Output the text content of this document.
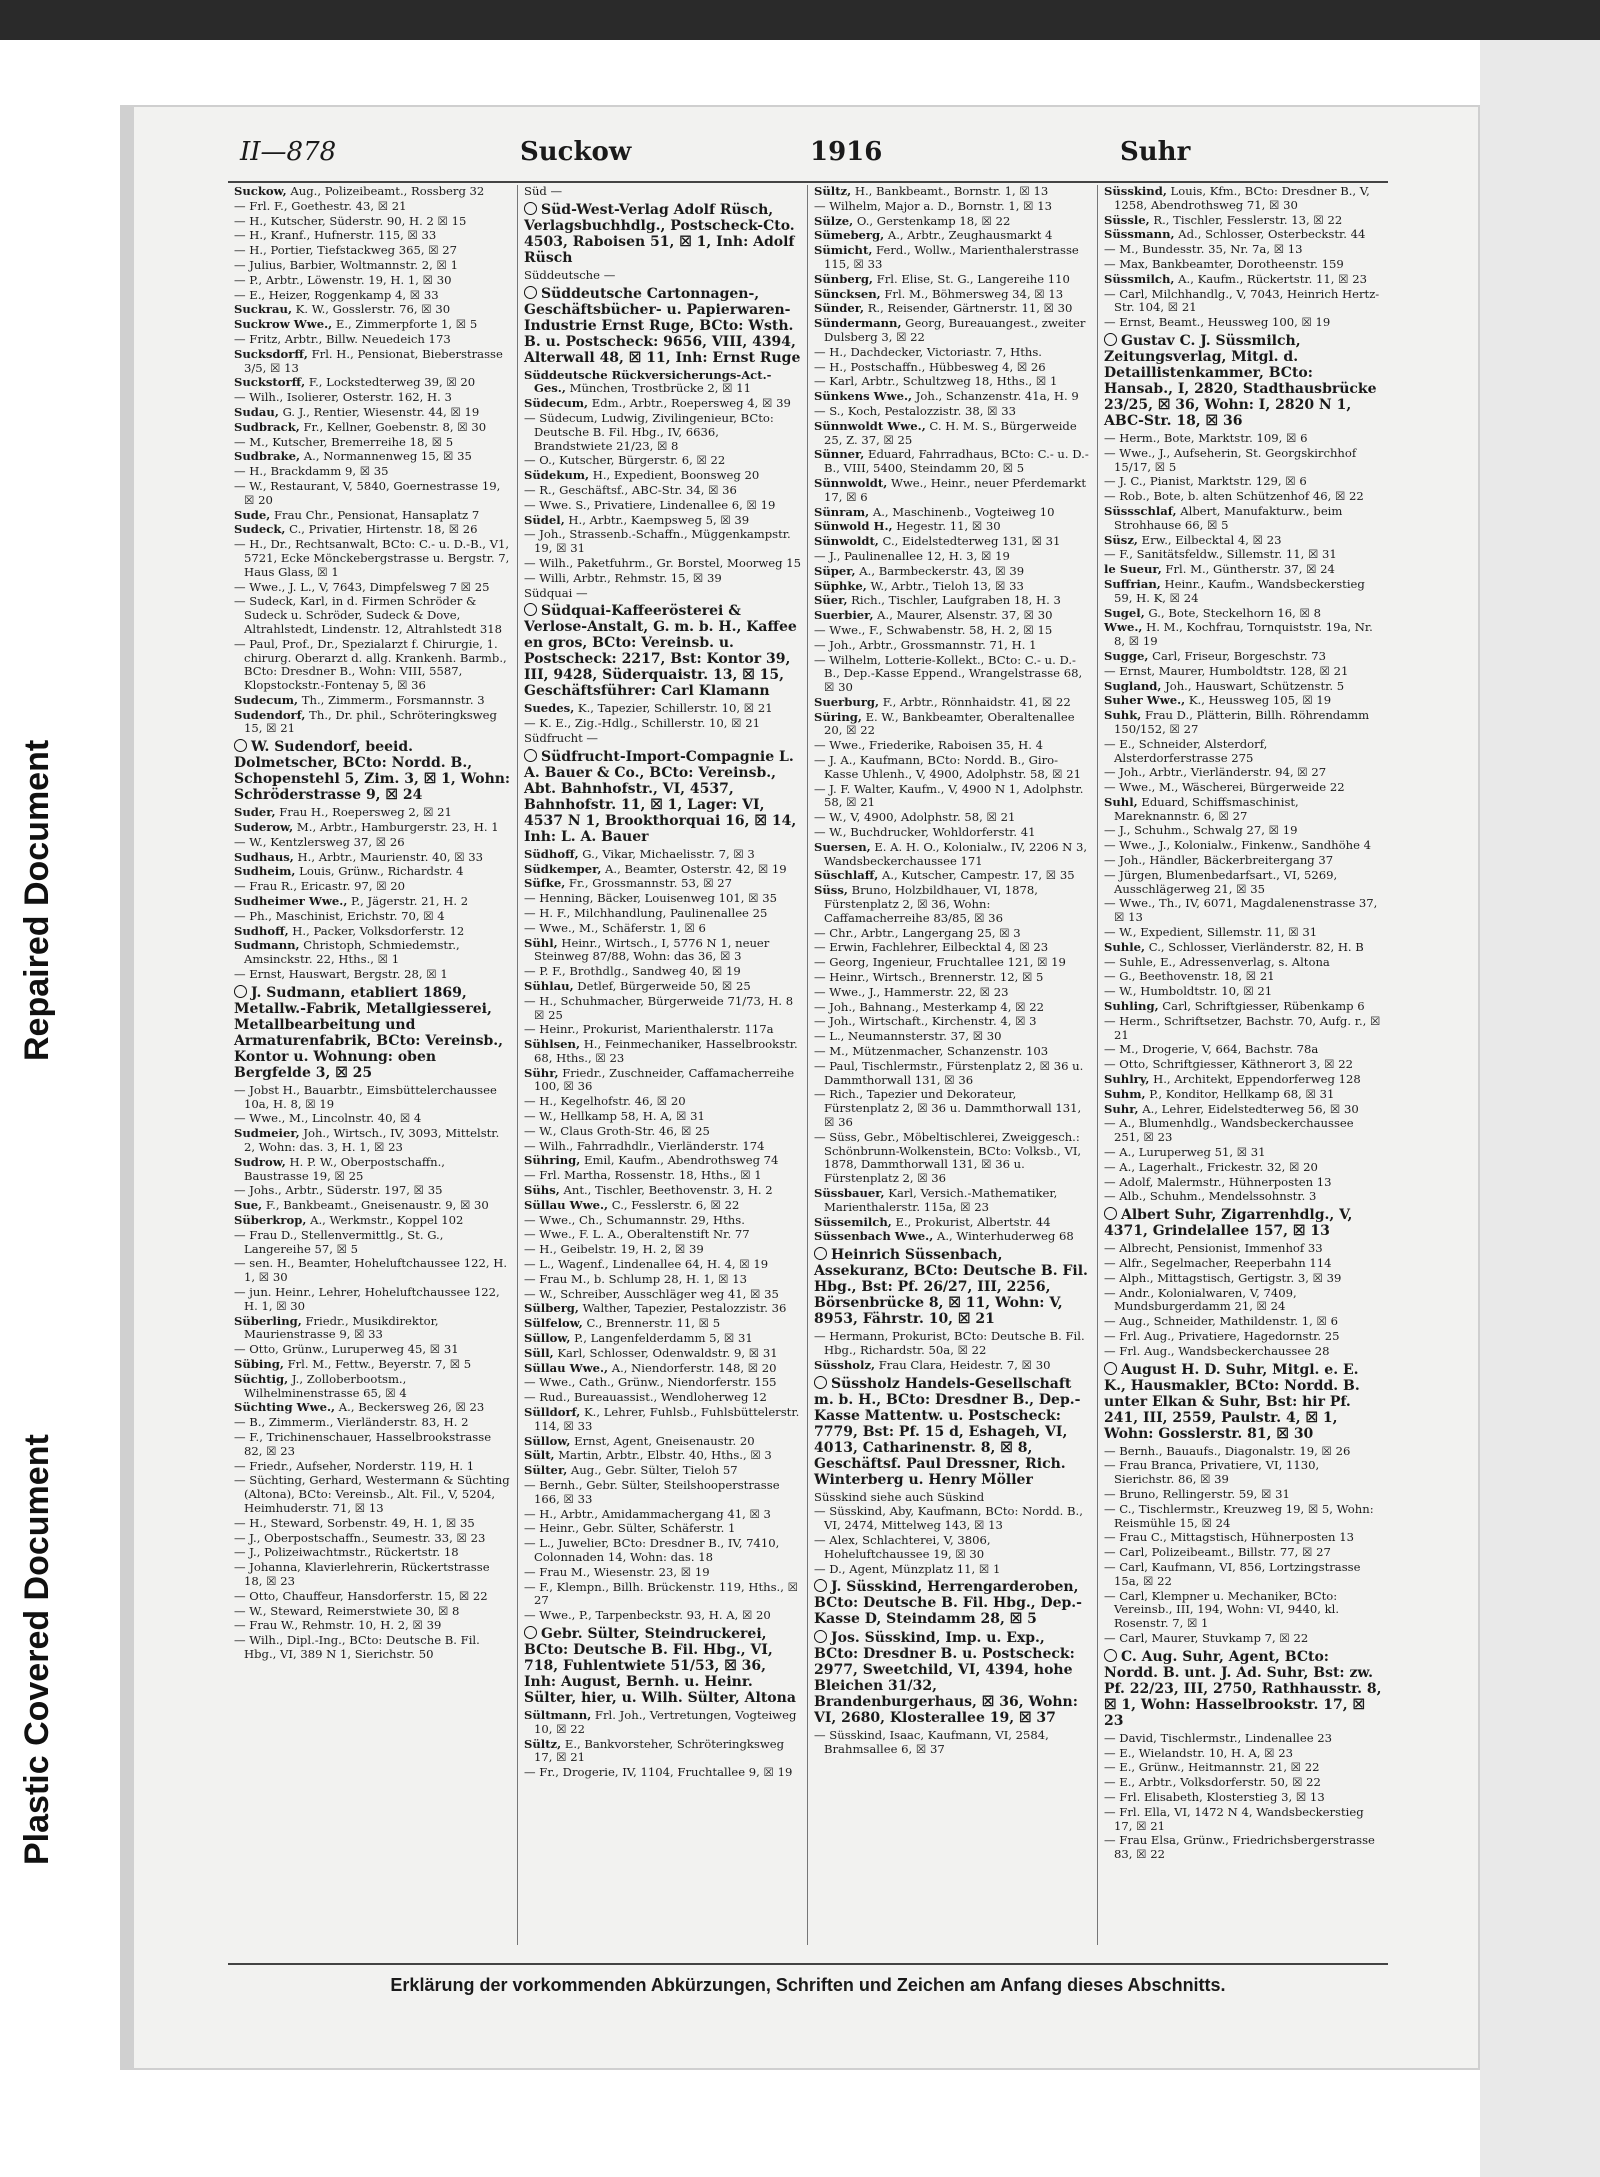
Repaired Document
Plastic Covered Document
II—878	Suckow	1916	Suhr
Suckow, Aug., Polizeibeamt., Rossberg 32
— Frl. F., Goethestr. 43, ☒ 21
— H., Kutscher, Süderstr. 90, H. 2 ☒ 15
— H., Kranf., Hufnerstr. 115, ☒ 33
— H., Portier, Tiefstackweg 365, ☒ 27
— Julius, Barbier, Woltmannstr. 2, ☒ 1
— P., Arbtr., Löwenstr. 19, H. 1, ☒ 30
— E., Heizer, Roggenkamp 4, ☒ 33
Suckrau, K. W., Gosslerstr. 76, ☒ 30
Suckrow Wwe., E., Zimmerpforte 1, ☒ 5
— Fritz, Arbtr., Billw. Neuedeich 173
Sucksdorff, Frl. H., Pensionat, Bieberstrasse 3/5, ☒ 13
Suckstorff, F., Lockstedterweg 39, ☒ 20
— Wilh., Isolierer, Osterstr. 162, H. 3
Sudau, G. J., Rentier, Wiesenstr. 44, ☒ 19
Sudbrack, Fr., Kellner, Goebenstr. 8, ☒ 30
— M., Kutscher, Bremerreihe 18, ☒ 5
Sudbrake, A., Normannenweg 15, ☒ 35
— H., Brackdamm 9, ☒ 35
— W., Restaurant, V, 5840, Goernestrasse 19, ☒ 20
Sude, Frau Chr., Pensionat, Hansaplatz 7
Sudeck, C., Privatier, Hirtenstr. 18, ☒ 26
— H., Dr., Rechtsanwalt, BCto: C.- u. D.-B., V1, 5721, Ecke Mönckebergstrasse u. Bergstr. 7, Haus Glass, ☒ 1
— Wwe., J. L., V, 7643, Dimpfelsweg 7 ☒ 25
— Sudeck, Karl, in d. Firmen Schröder & Sudeck u. Schröder, Sudeck & Dove, Altrahlstedt, Lindenstr. 12, Altrahlstedt 318
— Paul, Prof., Dr., Spezialarzt f. Chirurgie, 1. chirurg. Oberarzt d. allg. Krankenh. Barmb., BCto: Dresdner B., Wohn: VIII, 5587, Klopstockstr.-Fontenay 5, ☒ 36
Sudecum, Th., Zimmerm., Forsmannstr. 3
Sudendorf, Th., Dr. phil., Schröteringksweg 15, ☒ 21
W. Sudendorf, beeid. Dolmetscher, BCto: Nordd. B., Schopenstehl 5, Zim. 3, ☒ 1, Wohn: Schröderstrasse 9, ☒ 24
Suder, Frau H., Roepersweg 2, ☒ 21
Suderow, M., Arbtr., Hamburgerstr. 23, H. 1
— W., Kentzlersweg 37, ☒ 26
Sudhaus, H., Arbtr., Maurienstr. 40, ☒ 33
Sudheim, Louis, Grünw., Richardstr. 4
— Frau R., Ericastr. 97, ☒ 20
Sudheimer Wwe., P., Jägerstr. 21, H. 2
— Ph., Maschinist, Erichstr. 70, ☒ 4
Sudhoff, H., Packer, Volksdorferstr. 12
Sudmann, Christoph, Schmiedemstr., Amsinckstr. 22, Hths., ☒ 1
— Ernst, Hauswart, Bergstr. 28, ☒ 1
J. Sudmann, etabliert 1869, Metallw.-Fabrik, Metallgiesserei, Metallbearbeitung und Armaturenfabrik, BCto: Vereinsb., Kontor u. Wohnung: oben Bergfelde 3, ☒ 25
— Jobst H., Bauarbtr., Eimsbüttelerchaussee 10a, H. 8, ☒ 19
— Wwe., M., Lincolnstr. 40, ☒ 4
Sudmeier, Joh., Wirtsch., IV, 3093, Mittelstr. 2, Wohn: das. 3, H. 1, ☒ 23
Sudrow, H. P. W., Oberpostschaffn., Baustrasse 19, ☒ 25
— Johs., Arbtr., Süderstr. 197, ☒ 35
Sue, F., Bankbeamt., Gneisenaustr. 9, ☒ 30
Süberkrop, A., Werkmstr., Koppel 102
— Frau D., Stellenvermittlg., St. G., Langereihe 57, ☒ 5
— sen. H., Beamter, Hoheluftchaussee 122, H. 1, ☒ 30
— jun. Heinr., Lehrer, Hoheluftchaussee 122, H. 1, ☒ 30
Süberling, Friedr., Musikdirektor, Maurienstrasse 9, ☒ 33
— Otto, Grünw., Luruperweg 45, ☒ 31
Sübing, Frl. M., Fettw., Beyerstr. 7, ☒ 5
Süchtig, J., Zolloberbootsm., Wilhelminenstrasse 65, ☒ 4
Süchting Wwe., A., Beckersweg 26, ☒ 23
— B., Zimmerm., Vierländerstr. 83, H. 2
— F., Trichinenschauer, Hasselbrookstrasse 82, ☒ 23
— Friedr., Aufseher, Norderstr. 119, H. 1
— Süchting, Gerhard, Westermann & Süchting (Altona), BCto: Vereinsb., Alt. Fil., V, 5204, Heimhuderstr. 71, ☒ 13
— H., Steward, Sorbenstr. 49, H. 1, ☒ 35
— J., Oberpostschaffn., Seumestr. 33, ☒ 23
— J., Polizeiwachtmstr., Rückertstr. 18
— Johanna, Klavierlehrerin, Rückertstrasse 18, ☒ 23
— Otto, Chauffeur, Hansdorferstr. 15, ☒ 22
— W., Steward, Reimerstwiete 30, ☒ 8
— Frau W., Rehmstr. 10, H. 2, ☒ 39
— Wilh., Dipl.-Ing., BCto: Deutsche B. Fil. Hbg., VI, 389 N 1, Sierichstr. 50
Süd —
Süd-West-Verlag Adolf Rüsch, Verlagsbuchhdlg., Postscheck-Cto. 4503, Raboisen 51, ☒ 1, Inh: Adolf Rüsch
Süddeutsche —
Süddeutsche Cartonnagen-, Geschäftsbücher- u. Papierwaren-Industrie Ernst Ruge, BCto: Wsth. B. u. Postscheck: 9656, VIII, 4394, Alterwall 48, ☒ 11, Inh: Ernst Ruge
Süddeutsche Rückversicherungs-Act.-Ges., München, Trostbrücke 2, ☒ 11
Südecum, Edm., Arbtr., Roepersweg 4, ☒ 39
— Südecum, Ludwig, Zivilingenieur, BCto: Deutsche B. Fil. Hbg., IV, 6636, Brandstwiete 21/23, ☒ 8
— O., Kutscher, Bürgerstr. 6, ☒ 22
Südekum, H., Expedient, Boonsweg 20
— R., Geschäftsf., ABC-Str. 34, ☒ 36
— Wwe. S., Privatiere, Lindenallee 6, ☒ 19
Südel, H., Arbtr., Kaempsweg 5, ☒ 39
— Joh., Strassenb.-Schaffn., Müggenkampstr. 19, ☒ 31
— Wilh., Paketfuhrm., Gr. Borstel, Moorweg 15
— Willi, Arbtr., Rehmstr. 15, ☒ 39
Südquai —
Südquai-Kaffeerösterei & Verlose-Anstalt, G. m. b. H., Kaffee en gros, BCto: Vereinsb. u. Postscheck: 2217, Bst: Kontor 39, III, 9428, Süderquaistr. 13, ☒ 15, Geschäftsführer: Carl Klamann
Suedes, K., Tapezier, Schillerstr. 10, ☒ 21
— K. E., Zig.-Hdlg., Schillerstr. 10, ☒ 21
Südfrucht —
Südfrucht-Import-Compagnie L. A. Bauer & Co., BCto: Vereinsb., Abt. Bahnhofstr., VI, 4537, Bahnhofstr. 11, ☒ 1, Lager: VI, 4537 N 1, Brookthorquai 16, ☒ 14, Inh: L. A. Bauer
Südhoff, G., Vikar, Michaelisstr. 7, ☒ 3
Südkemper, A., Beamter, Osterstr. 42, ☒ 19
Süfke, Fr., Grossmannstr. 53, ☒ 27
— Henning, Bäcker, Louisenweg 101, ☒ 35
— H. F., Milchhandlung, Paulinenallee 25
— Wwe., M., Schäferstr. 1, ☒ 6
Sühl, Heinr., Wirtsch., I, 5776 N 1, neuer Steinweg 87/88, Wohn: das 36, ☒ 3
— P. F., Brothdlg., Sandweg 40, ☒ 19
Sühlau, Detlef, Bürgerweide 50, ☒ 25
— H., Schuhmacher, Bürgerweide 71/73, H. 8 ☒ 25
— Heinr., Prokurist, Marienthalerstr. 117a
Sühlsen, H., Feinmechaniker, Hasselbrookstr. 68, Hths., ☒ 23
Sühr, Friedr., Zuschneider, Caffamacherreihe 100, ☒ 36
— H., Kegelhofstr. 46, ☒ 20
— W., Hellkamp 58, H. A, ☒ 31
— W., Claus Groth-Str. 46, ☒ 25
— Wilh., Fahrradhdlr., Vierländerstr. 174
Sühring, Emil, Kaufm., Abendrothsweg 74
— Frl. Martha, Rossenstr. 18, Hths., ☒ 1
Sühs, Ant., Tischler, Beethovenstr. 3, H. 2
Süllau Wwe., C., Fesslerstr. 6, ☒ 22
— Wwe., Ch., Schumannstr. 29, Hths.
— Wwe., F. L. A., Oberaltenstift Nr. 77
— H., Geibelstr. 19, H. 2, ☒ 39
— L., Wagenf., Lindenallee 64, H. 4, ☒ 19
— Frau M., b. Schlump 28, H. 1, ☒ 13
— W., Schreiber, Ausschläger weg 41, ☒ 35
Sülberg, Walther, Tapezier, Pestalozzistr. 36
Sülfelow, C., Brennerstr. 11, ☒ 5
Süllow, P., Langenfelderdamm 5, ☒ 31
Süll, Karl, Schlosser, Odenwaldstr. 9, ☒ 31
Süllau Wwe., A., Niendorferstr. 148, ☒ 20
— Wwe., Cath., Grünw., Niendorferstr. 155
— Rud., Bureauassist., Wendloherweg 12
Sülldorf, K., Lehrer, Fuhlsb., Fuhlsbüttelerstr. 114, ☒ 33
Süllow, Ernst, Agent, Gneisenaustr. 20
Sült, Martin, Arbtr., Elbstr. 40, Hths., ☒ 3
Sülter, Aug., Gebr. Sülter, Tieloh 57
— Bernh., Gebr. Sülter, Steilshooperstrasse 166, ☒ 33
— H., Arbtr., Amidammachergang 41, ☒ 3
— Heinr., Gebr. Sülter, Schäferstr. 1
— L., Juwelier, BCto: Dresdner B., IV, 7410, Colonnaden 14, Wohn: das. 18
— Frau M., Wiesenstr. 23, ☒ 19
— F., Klempn., Billh. Brückenstr. 119, Hths., ☒ 27
— Wwe., P., Tarpenbeckstr. 93, H. A, ☒ 20
Gebr. Sülter, Steindruckerei, BCto: Deutsche B. Fil. Hbg., VI, 718, Fuhlentwiete 51/53, ☒ 36, Inh: August, Bernh. u. Heinr. Sülter, hier, u. Wilh. Sülter, Altona
Sültmann, Frl. Joh., Vertretungen, Vogteiweg 10, ☒ 22
Sültz, E., Bankvorsteher, Schröteringksweg 17, ☒ 21
— Fr., Drogerie, IV, 1104, Fruchtallee 9, ☒ 19
Sültz, H., Bankbeamt., Bornstr. 1, ☒ 13
— Wilhelm, Major a. D., Bornstr. 1, ☒ 13
Sülze, O., Gerstenkamp 18, ☒ 22
Sümeberg, A., Arbtr., Zeughausmarkt 4
Sümicht, Ferd., Wollw., Marienthalerstrasse 115, ☒ 33
Sünberg, Frl. Elise, St. G., Langereihe 110
Süncksen, Frl. M., Böhmersweg 34, ☒ 13
Sünder, R., Reisender, Gärtnerstr. 11, ☒ 30
Sündermann, Georg, Bureauangest., zweiter Dulsberg 3, ☒ 22
— H., Dachdecker, Victoriastr. 7, Hths.
— H., Postschaffn., Hübbesweg 4, ☒ 26
— Karl, Arbtr., Schultzweg 18, Hths., ☒ 1
Sünkens Wwe., Joh., Schanzenstr. 41a, H. 9
— S., Koch, Pestalozzistr. 38, ☒ 33
Sünnwoldt Wwe., C. H. M. S., Bürgerweide 25, Z. 37, ☒ 25
Sünner, Eduard, Fahrradhaus, BCto: C.- u. D.-B., VIII, 5400, Steindamm 20, ☒ 5
Sünnwoldt, Wwe., Heinr., neuer Pferdemarkt 17, ☒ 6
Sünram, A., Maschinenb., Vogteiweg 10
Sünwold H., Hegestr. 11, ☒ 30
Sünwoldt, C., Eidelstedterweg 131, ☒ 31
— J., Paulinenallee 12, H. 3, ☒ 19
Süper, A., Barmbeckerstr. 43, ☒ 39
Süphke, W., Arbtr., Tieloh 13, ☒ 33
Süer, Rich., Tischler, Laufgraben 18, H. 3
Suerbier, A., Maurer, Alsenstr. 37, ☒ 30
— Wwe., F., Schwabenstr. 58, H. 2, ☒ 15
— Joh., Arbtr., Grossmannstr. 71, H. 1
— Wilhelm, Lotterie-Kollekt., BCto: C.- u. D.-B., Dep.-Kasse Eppend., Wrangelstrasse 68, ☒ 30
Suerburg, F., Arbtr., Rönnhaidstr. 41, ☒ 22
Süring, E. W., Bankbeamter, Oberaltenallee 20, ☒ 22
— Wwe., Friederike, Raboisen 35, H. 4
— J. A., Kaufmann, BCto: Nordd. B., Giro-Kasse Uhlenh., V, 4900, Adolphstr. 58, ☒ 21
— J. F. Walter, Kaufm., V, 4900 N 1, Adolphstr. 58, ☒ 21
— W., V, 4900, Adolphstr. 58, ☒ 21
— W., Buchdrucker, Wohldorferstr. 41
Suersen, E. A. H. O., Kolonialw., IV, 2206 N 3, Wandsbeckerchaussee 171
Süschlaff, A., Kutscher, Campestr. 17, ☒ 35
Süss, Bruno, Holzbildhauer, VI, 1878, Fürstenplatz 2, ☒ 36, Wohn: Caffamacherreihe 83/85, ☒ 36
— Chr., Arbtr., Langergang 25, ☒ 3
— Erwin, Fachlehrer, Eilbecktal 4, ☒ 23
— Georg, Ingenieur, Fruchtallee 121, ☒ 19
— Heinr., Wirtsch., Brennerstr. 12, ☒ 5
— Wwe., J., Hammerstr. 22, ☒ 23
— Joh., Bahnang., Mesterkamp 4, ☒ 22
— Joh., Wirtschaft., Kirchenstr. 4, ☒ 3
— L., Neumannsterstr. 37, ☒ 30
— M., Mützenmacher, Schanzenstr. 103
— Paul, Tischlermstr., Fürstenplatz 2, ☒ 36 u. Dammthorwall 131, ☒ 36
— Rich., Tapezier und Dekorateur, Fürstenplatz 2, ☒ 36 u. Dammthorwall 131, ☒ 36
— Süss, Gebr., Möbeltischlerei, Zweiggesch.: Schönbrunn-Wolkenstein, BCto: Volksb., VI, 1878, Dammthorwall 131, ☒ 36 u. Fürstenplatz 2, ☒ 36
Süssbauer, Karl, Versich.-Mathematiker, Marienthalerstr. 115a, ☒ 23
Süssemilch, E., Prokurist, Albertstr. 44
Süssenbach Wwe., A., Winterhuderweg 68
Heinrich Süssenbach, Assekuranz, BCto: Deutsche B. Fil. Hbg., Bst: Pf. 26/27, III, 2256, Börsenbrücke 8, ☒ 11, Wohn: V, 8953, Fährstr. 10, ☒ 21
— Hermann, Prokurist, BCto: Deutsche B. Fil. Hbg., Richardstr. 50a, ☒ 22
Süssholz, Frau Clara, Heidestr. 7, ☒ 30
Süssholz Handels-Gesellschaft m. b. H., BCto: Dresdner B., Dep.-Kasse Mattentw. u. Postscheck: 7779, Bst: Pf. 15 d, Eshageh, VI, 4013, Catharinenstr. 8, ☒ 8, Geschäftsf. Paul Dressner, Rich. Winterberg u. Henry Möller
Süsskind siehe auch Süskind
— Süsskind, Aby, Kaufmann, BCto: Nordd. B., VI, 2474, Mittelweg 143, ☒ 13
— Alex, Schlachterei, V, 3806, Hoheluftchaussee 19, ☒ 30
— D., Agent, Münzplatz 11, ☒ 1
J. Süsskind, Herrengarderoben, BCto: Deutsche B. Fil. Hbg., Dep.-Kasse D, Steindamm 28, ☒ 5
Jos. Süsskind, Imp. u. Exp., BCto: Dresdner B. u. Postscheck: 2977, Sweetchild, VI, 4394, hohe Bleichen 31/32, Brandenburgerhaus, ☒ 36, Wohn: VI, 2680, Klosterallee 19, ☒ 37
— Süsskind, Isaac, Kaufmann, VI, 2584, Brahmsallee 6, ☒ 37
Süsskind, Louis, Kfm., BCto: Dresdner B., V, 1258, Abendrothsweg 71, ☒ 30
Süssle, R., Tischler, Fesslerstr. 13, ☒ 22
Süssmann, Ad., Schlosser, Osterbeckstr. 44
— M., Bundesstr. 35, Nr. 7a, ☒ 13
— Max, Bankbeamter, Dorotheenstr. 159
Süssmilch, A., Kaufm., Rückertstr. 11, ☒ 23
— Carl, Milchhandlg., V, 7043, Heinrich Hertz-Str. 104, ☒ 21
— Ernst, Beamt., Heussweg 100, ☒ 19
Gustav C. J. Süssmilch, Zeitungsverlag, Mitgl. d. Detaillistenkammer, BCto: Hansab., I, 2820, Stadthausbrücke 23/25, ☒ 36, Wohn: I, 2820 N 1, ABC-Str. 18, ☒ 36
— Herm., Bote, Marktstr. 109, ☒ 6
— Wwe., J., Aufseherin, St. Georgskirchhof 15/17, ☒ 5
— J. C., Pianist, Marktstr. 129, ☒ 6
— Rob., Bote, b. alten Schützenhof 46, ☒ 22
Süssschlaf, Albert, Manufakturw., beim Strohhause 66, ☒ 5
Süsz, Erw., Eilbecktal 4, ☒ 23
— F., Sanitätsfeldw., Sillemstr. 11, ☒ 31
le Sueur, Frl. M., Güntherstr. 37, ☒ 24
Suffrian, Heinr., Kaufm., Wandsbeckerstieg 59, H. K, ☒ 24
Sugel, G., Bote, Steckelhorn 16, ☒ 8
Wwe., H. M., Kochfrau, Tornquiststr. 19a, Nr. 8, ☒ 19
Sugge, Carl, Friseur, Borgeschstr. 73
— Ernst, Maurer, Humboldtstr. 128, ☒ 21
Sugland, Joh., Hauswart, Schützenstr. 5
Suher Wwe., K., Heussweg 105, ☒ 19
Suhk, Frau D., Plätterin, Billh. Röhrendamm 150/152, ☒ 27
— E., Schneider, Alsterdorf, Alsterdorferstrasse 275
— Joh., Arbtr., Vierländerstr. 94, ☒ 27
— Wwe., M., Wäscherei, Bürgerweide 22
Suhl, Eduard, Schiffsmaschinist, Mareknannstr. 6, ☒ 27
— J., Schuhm., Schwalg 27, ☒ 19
— Wwe., J., Kolonialw., Finkenw., Sandhöhe 4
— Joh., Händler, Bäckerbreitergang 37
— Jürgen, Blumenbedarfsart., VI, 5269, Ausschlägerweg 21, ☒ 35
— Wwe., Th., IV, 6071, Magdalenenstrasse 37, ☒ 13
— W., Expedient, Sillemstr. 11, ☒ 31
Suhle, C., Schlosser, Vierländerstr. 82, H. B
— Suhle, E., Adressenverlag, s. Altona
— G., Beethovenstr. 18, ☒ 21
— W., Humboldtstr. 10, ☒ 21
Suhling, Carl, Schriftgiesser, Rübenkamp 6
— Herm., Schriftsetzer, Bachstr. 70, Aufg. r., ☒ 21
— M., Drogerie, V, 664, Bachstr. 78a
— Otto, Schriftgiesser, Käthnerort 3, ☒ 22
Suhlry, H., Architekt, Eppendorferweg 128
Suhm, P., Konditor, Hellkamp 68, ☒ 31
Suhr, A., Lehrer, Eidelstedterweg 56, ☒ 30
— A., Blumenhdlg., Wandsbeckerchaussee 251, ☒ 23
— A., Luruperweg 51, ☒ 31
— A., Lagerhalt., Frickestr. 32, ☒ 20
— Adolf, Malermstr., Hühnerposten 13
— Alb., Schuhm., Mendelssohnstr. 3
Albert Suhr, Zigarrenhdlg., V, 4371, Grindelallee 157, ☒ 13
— Albrecht, Pensionist, Immenhof 33
— Alfr., Segelmacher, Reeperbahn 114
— Alph., Mittagstisch, Gertigstr. 3, ☒ 39
— Andr., Kolonialwaren, V, 7409, Mundsburgerdamm 21, ☒ 24
— Aug., Schneider, Mathildenstr. 1, ☒ 6
— Frl. Aug., Privatiere, Hagedornstr. 25
— Frl. Aug., Wandsbeckerchaussee 28
August H. D. Suhr, Mitgl. e. E. K., Hausmakler, BCto: Nordd. B. unter Elkan & Suhr, Bst: hir Pf. 241, III, 2559, Paulstr. 4, ☒ 1, Wohn: Gosslerstr. 81, ☒ 30
— Bernh., Bauaufs., Diagonalstr. 19, ☒ 26
— Frau Branca, Privatiere, VI, 1130, Sierichstr. 86, ☒ 39
— Bruno, Rellingerstr. 59, ☒ 31
— C., Tischlermstr., Kreuzweg 19, ☒ 5, Wohn: Reismühle 15, ☒ 24
— Frau C., Mittagstisch, Hühnerposten 13
— Carl, Polizeibeamt., Billstr. 77, ☒ 27
— Carl, Kaufmann, VI, 856, Lortzingstrasse 15a, ☒ 22
— Carl, Klempner u. Mechaniker, BCto: Vereinsb., III, 194, Wohn: VI, 9440, kl. Rosenstr. 7, ☒ 1
— Carl, Maurer, Stuvkamp 7, ☒ 22
C. Aug. Suhr, Agent, BCto: Nordd. B. unt. J. Ad. Suhr, Bst: zw. Pf. 22/23, III, 2750, Rathhausstr. 8, ☒ 1, Wohn: Hasselbrookstr. 17, ☒ 23
— David, Tischlermstr., Lindenallee 23
— E., Wielandstr. 10, H. A, ☒ 23
— E., Grünw., Heitmannstr. 21, ☒ 22
— E., Arbtr., Volksdorferstr. 50, ☒ 22
— Frl. Elisabeth, Klosterstieg 3, ☒ 13
— Frl. Ella, VI, 1472 N 4, Wandsbeckerstieg 17, ☒ 21
— Frau Elsa, Grünw., Friedrichsbergerstrasse 83, ☒ 22
Erklärung der vorkommenden Abkürzungen, Schriften und Zeichen am Anfang dieses Abschnitts.
